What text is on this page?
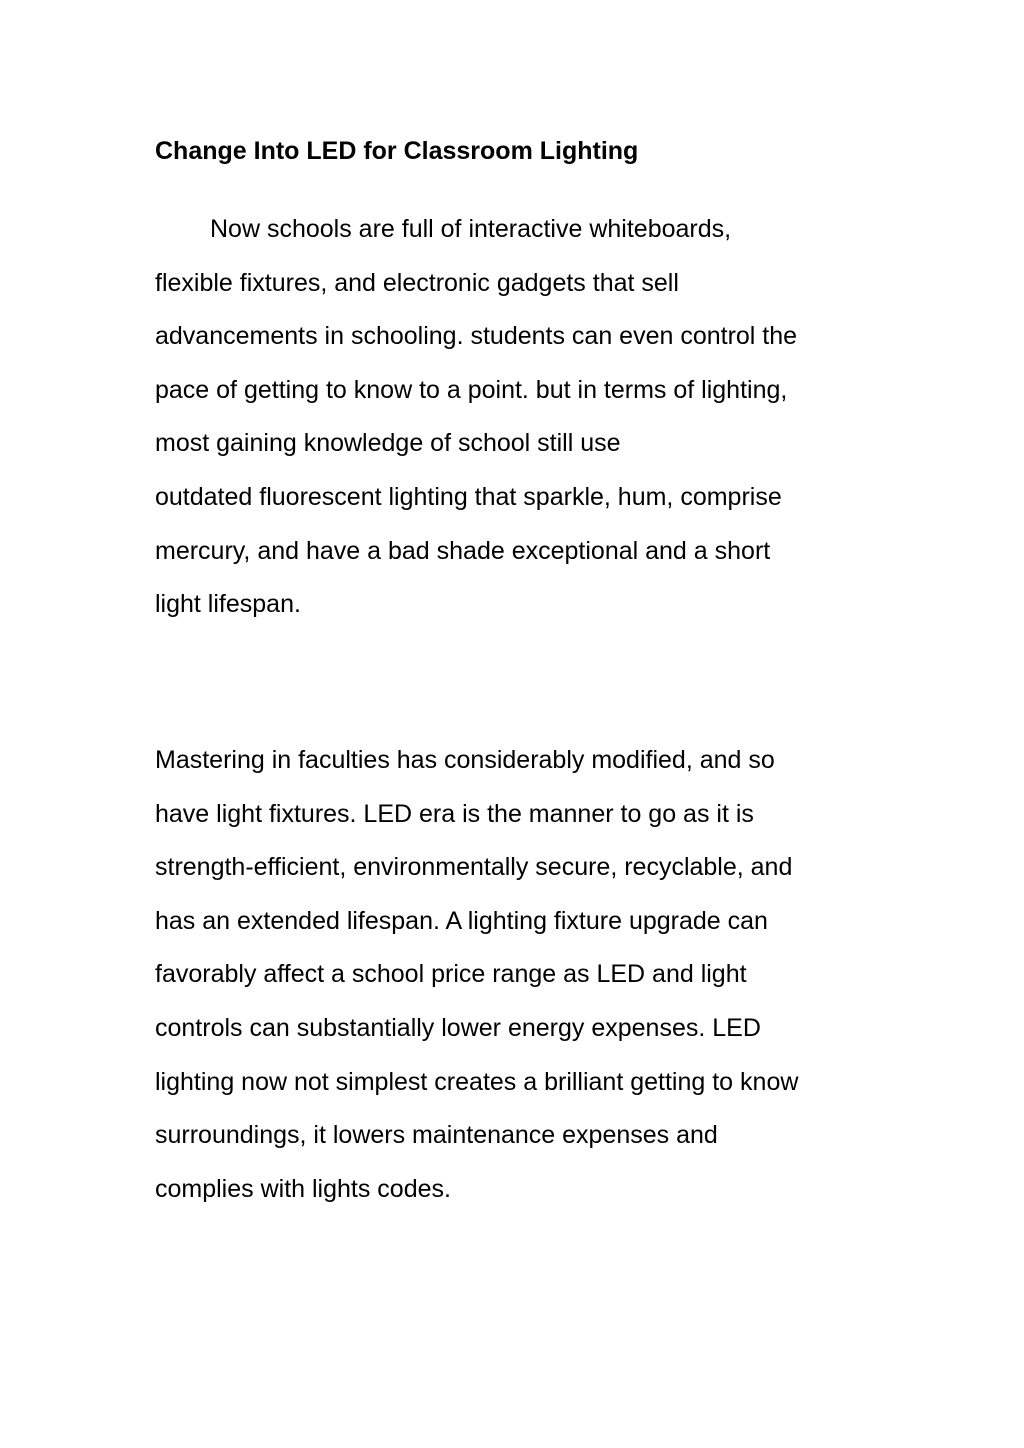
Change Into LED for Classroom Lighting

Now schools are full of interactive whiteboards,

flexible fixtures, and electronic gadgets that sell

advancements in schooling. students can even control the

pace of getting to know to a point. but in terms of lighting,

most gaining knowledge of school still use

outdated fluorescent lighting that sparkle, hum, comprise

mercury, and have a bad shade exceptional and a short

light lifespan.

Mastering in faculties has considerably modified, and so

have light fixtures. LED era is the manner to go as it is

strength-efficient, environmentally secure, recyclable, and

has an extended lifespan. A lighting fixture upgrade can

favorably affect a school price range as LED and light

controls can substantially lower energy expenses. LED

lighting now not simplest creates a brilliant getting to know

surroundings, it lowers maintenance expenses and

complies with lights codes.
